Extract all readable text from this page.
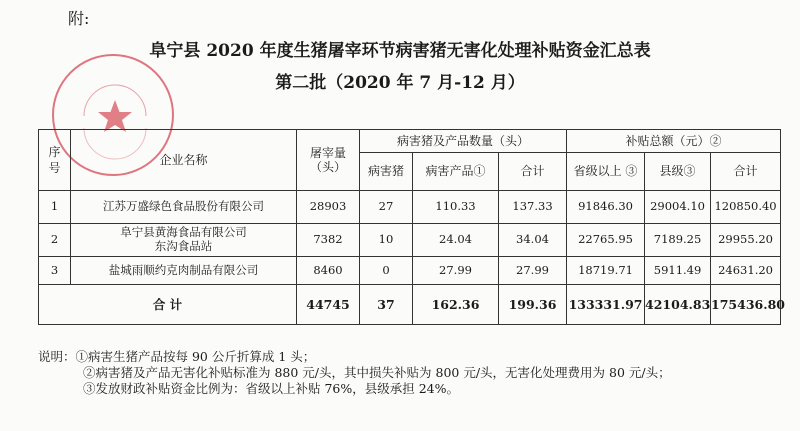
附:
阜宁县 2020 年度生猪屠宰环节病害猪无害化处理补贴资金汇总表
第二批（2020 年 7 月-12 月）
序号	企业名称	屠宰量（头）	病害猪及产品数量（头）			补贴总额（元）②		
			病害猪	病害产品①	合计	省级以上 ③	县级③	合计
1	江苏万盛绿色食品股份有限公司	28903	27	110.33	137.33	91846.30	29004.10	120850.40
2	阜宁县黄海食品有限公司
东沟食品站	7382	10	24.04	34.04	22765.95	7189.25	29955.20
3	盐城雨顺约克肉制品有限公司	8460	0	27.99	27.99	18719.71	5911.49	24631.20
合 计		44745	37	162.36	199.36	133331.97	42104.83	175436.80
说明：①病害生猪产品按每 90 公斤折算成 1 头；
②病害猪及产品无害化补贴标准为 880 元/头，其中损失补贴为 800 元/头，无害化处理费用为 80 元/头；
③发放财政补贴资金比例为：省级以上补贴 76%，县级承担 24%。
